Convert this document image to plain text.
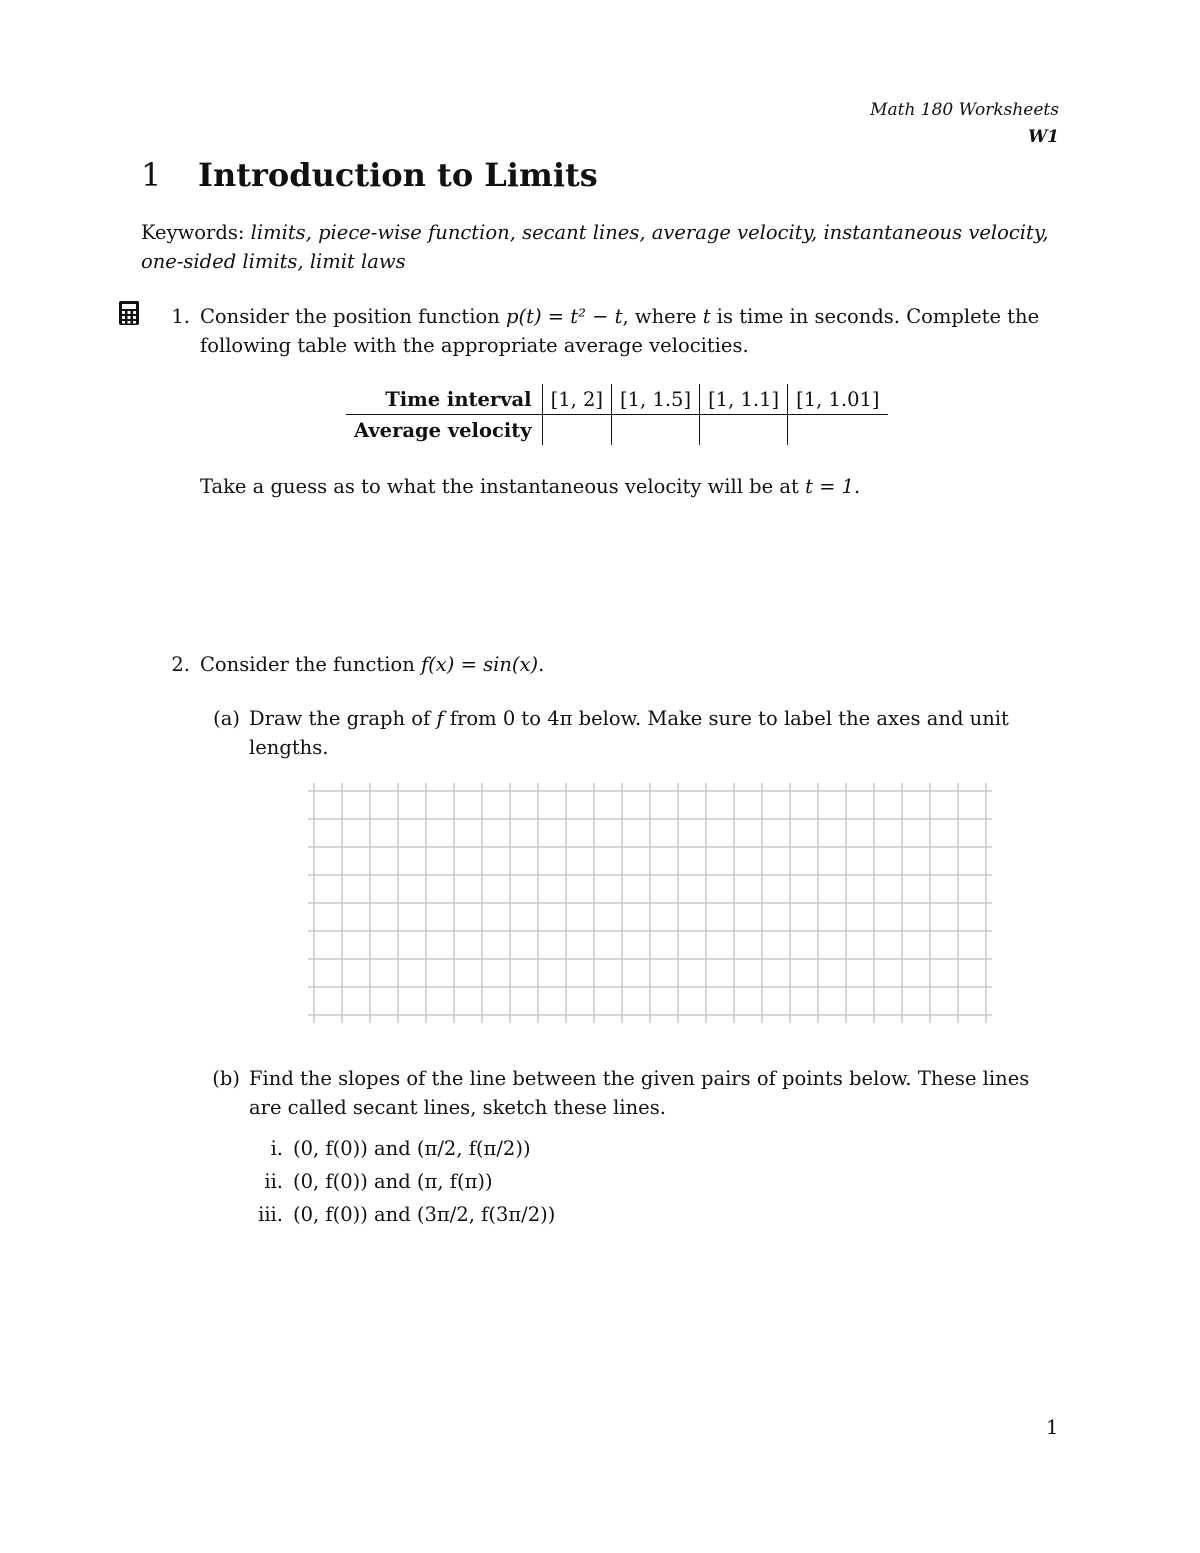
Math 180 Worksheets
W1
1 Introduction to Limits
Keywords: limits, piece-wise function, secant lines, average velocity, instantaneous velocity,
one-sided limits, limit laws
1. Consider the position function p(t) = t² − t, where t is time in seconds. Complete the
following table with the appropriate average velocities.
Time interval	[1, 2]	[1, 1.5]	[1, 1.1]	[1, 1.01]
Average velocity				
Take a guess as to what the instantaneous velocity will be at t = 1.
2. Consider the function f(x) = sin(x).
(a) Draw the graph of f from 0 to 4π below. Make sure to label the axes and unit
lengths.
(b) Find the slopes of the line between the given pairs of points below. These lines
are called secant lines, sketch these lines.
i. (0, f(0)) and (π/2, f(π/2))
ii. (0, f(0)) and (π, f(π))
iii. (0, f(0)) and (3π/2, f(3π/2))
1
